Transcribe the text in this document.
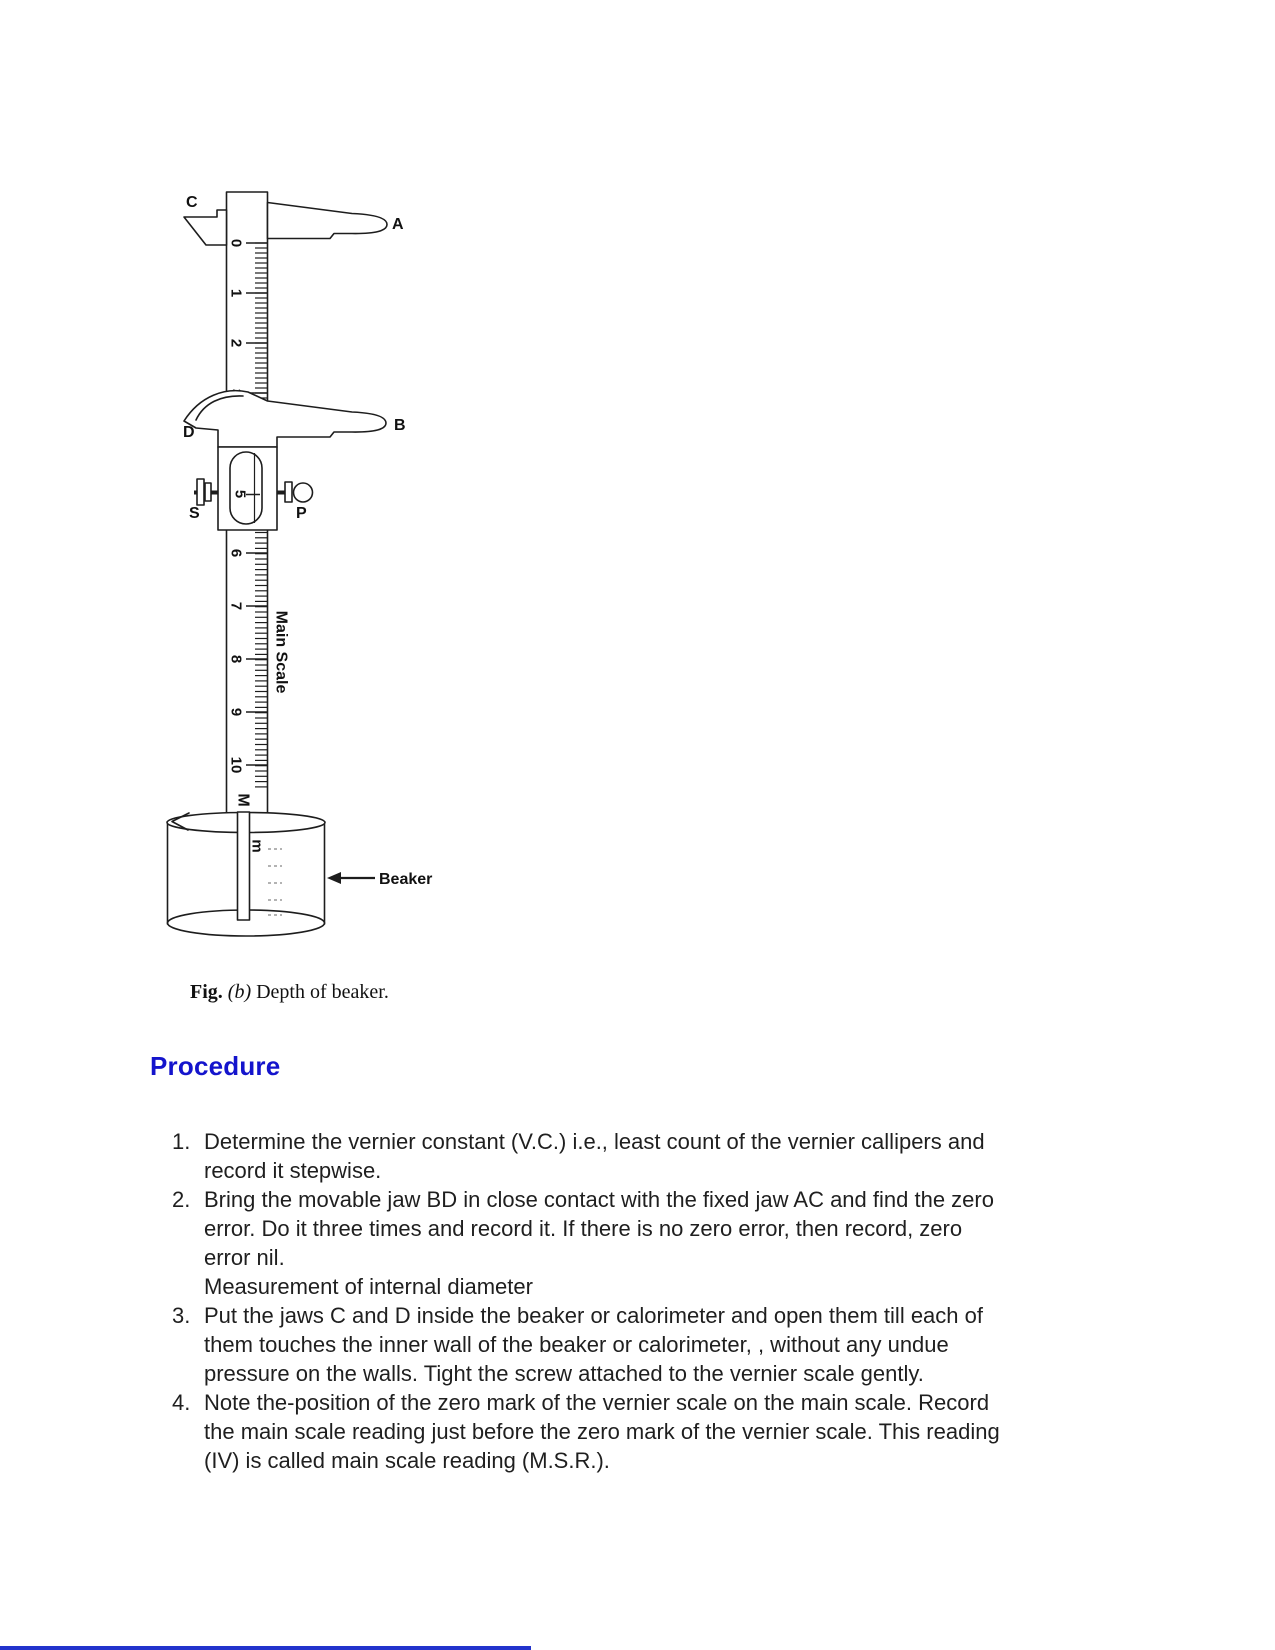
0
1
2
6
7
8
9
10
5
C
A
D	B
S	P
Main Scale
M
m
Beaker
Fig. (b) Depth of beaker.
Procedure
1. Determine the vernier constant (V.C.) i.e., least count of the vernier callipers and
record it stepwise.
2. Bring the movable jaw BD in close contact with the fixed jaw AC and find the zero
error. Do it three times and record it. If there is no zero error, then record, zero
error nil.
Measurement of internal diameter
3. Put the jaws C and D inside the beaker or calorimeter and open them till each of
them touches the inner wall of the beaker or calorimeter, , without any undue
pressure on the walls. Tight the screw attached to the vernier scale gently.
4. Note the-position of the zero mark of the vernier scale on the main scale. Record
the main scale reading just before the zero mark of the vernier scale. This reading
(IV) is called main scale reading (M.S.R.).
